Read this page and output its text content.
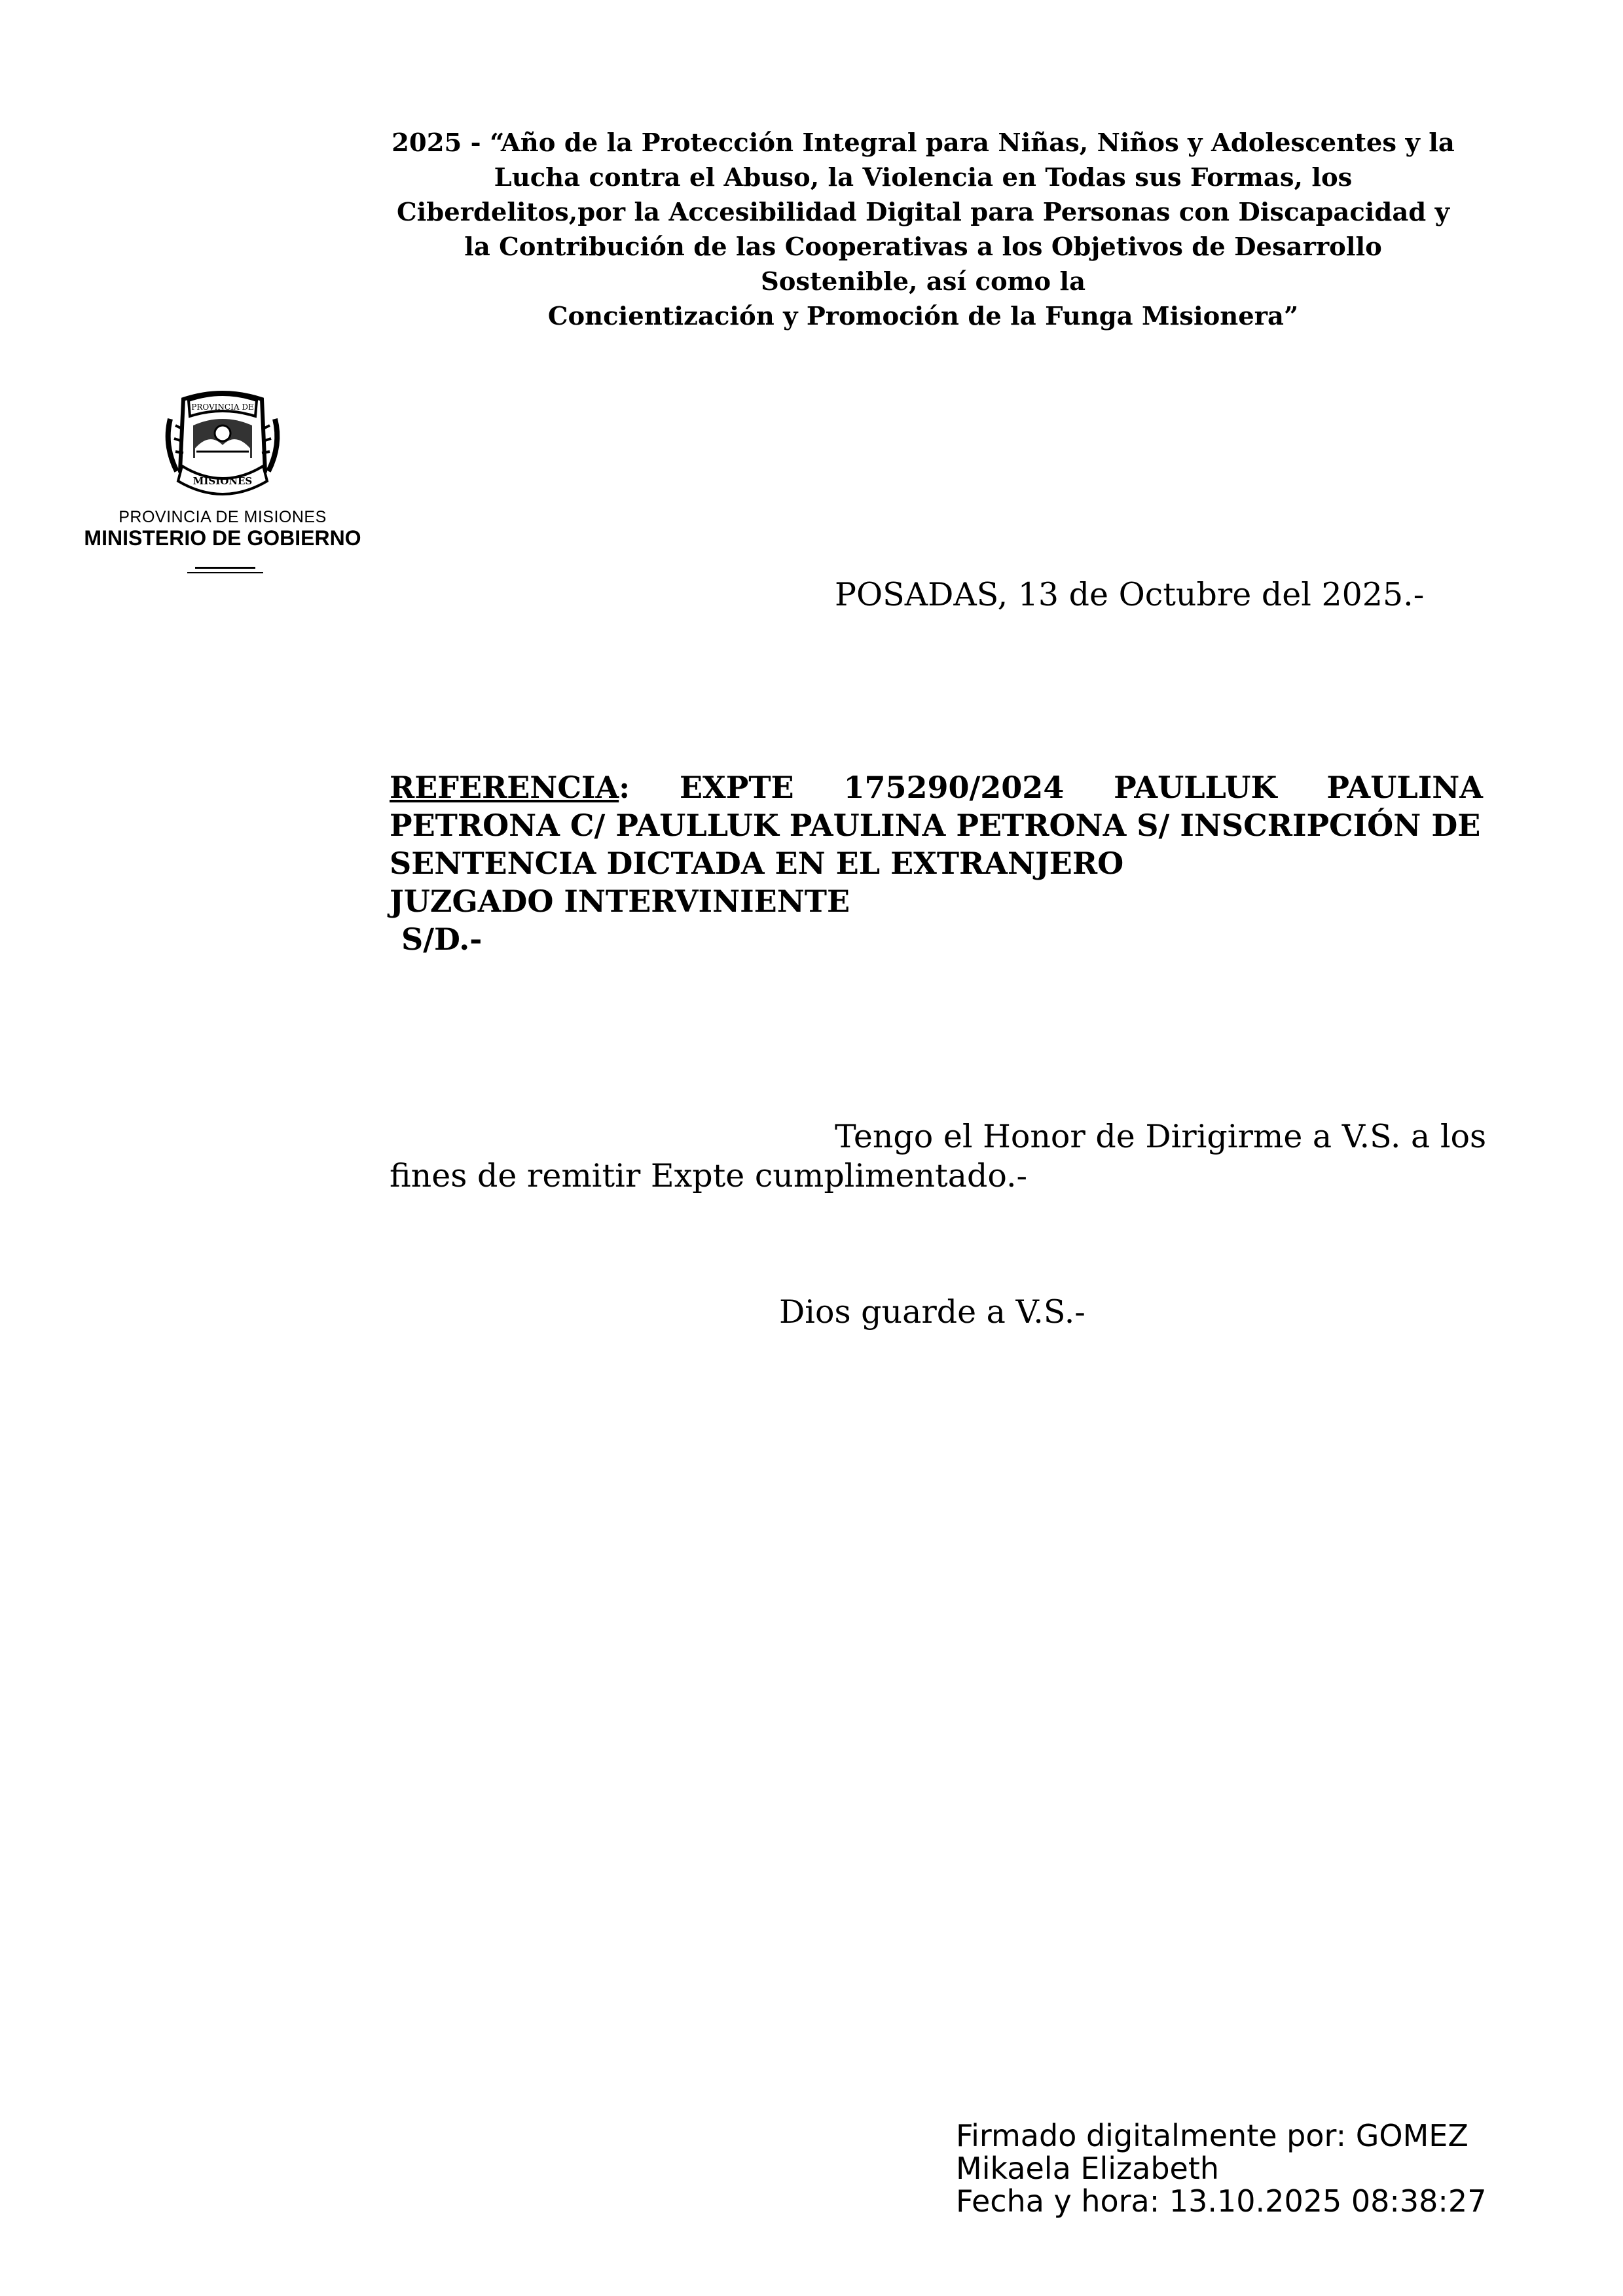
2025 - “Año de la Protección Integral para Niñas, Niños y Adolescentes y la
Lucha contra el Abuso, la Violencia en Todas sus Formas, los
Ciberdelitos,por la Accesibilidad Digital para Personas con Discapacidad y
la Contribución de las Cooperativas a los Objetivos de Desarrollo
Sostenible, así como la
Concientización y Promoción de la Funga Misionera”
PROVINCIA DE
MISIONES
PROVINCIA DE MISIONES
MINISTERIO DE GOBIERNO
POSADAS, 13 de Octubre del 2025.-
REFERENCIA: EXPTE 175290/2024 PAULLUK PAULINA
PETRONA C/ PAULLUK PAULINA PETRONA S/ INSCRIPCIÓN DE
SENTENCIA DICTADA EN EL EXTRANJERO
JUZGADO INTERVINIENTE
S/D.-
Tengo el Honor de Dirigirme a V.S. a los
fines de remitir Expte cumplimentado.-
Dios guarde a V.S.-
Firmado digitalmente por: GOMEZ
Mikaela Elizabeth
Fecha y hora: 13.10.2025 08:38:27
